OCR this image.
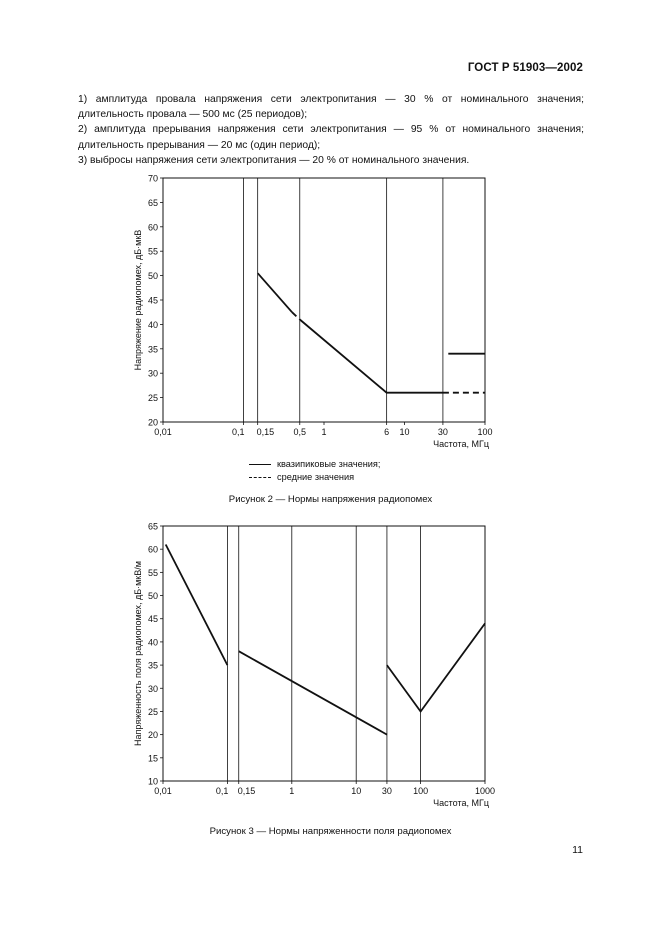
ГОСТ Р 51903—2002

1) амплитуда провала напряжения сети электропитания — 30 % от номинального значения; длительность провала — 500 мс (25 периодов);

2) амплитуда прерывания напряжения сети электропитания — 95 % от номинального значения; длительность прерывания — 20 мс (один период);

3) выбросы напряжения сети электропитания — 20 % от номинального значения.

20
25
30
35
40
45
50
55
60
65
70
0,01	0,1 0,15 0,5 1	6 10	30	100
Частота, МГц
Напряжение радиопомех, дБ·мкВ
10
15
20
25
30
35
40
45
50
55
60
65
0,01	0,1 0,15	1	10 30 100	1000
Частота, МГц
Напряженность поля радиопомех, дБ·мкВ/м
квазипиковые значения;
средние значения
Рисунок 2 — Нормы напряжения радиопомех
Рисунок 3 — Нормы напряженности поля радиопомех
11
